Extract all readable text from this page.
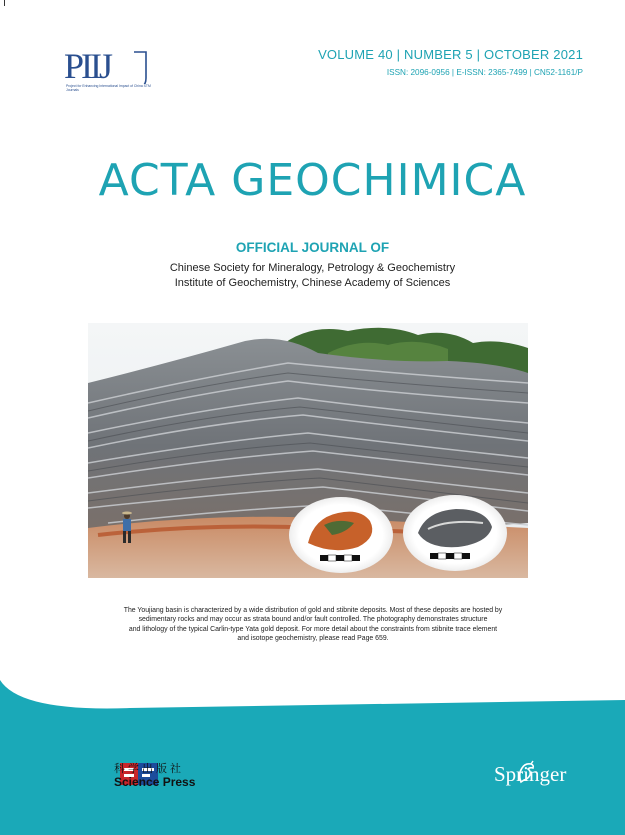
PIIJ
Project for Enhancing International Impact of China STM Journals
VOLUME 40 | NUMBER 5 | OCTOBER 2021
ISSN: 2096-0956 | E-ISSN: 2365-7499 | CN52-1161/P
ACTA GEOCHIMICA
OFFICIAL JOURNAL OF
Chinese Society for Mineralogy, Petrology & Geochemistry
Institute of Geochemistry, Chinese Academy of Sciences
The Youjiang basin is characterized by a wide distribution of gold and stibnite deposits. Most of these deposits are hosted by
sedimentary rocks and may occur as strata bound and/or fault controlled. The photography demonstrates structure
and lithology of the typical Carlin-type Yata gold deposit. For more detail about the constraints from stibnite trace element
and isotope geochemistry, please read Page 659.
科学出版社
Science Press	Springer
